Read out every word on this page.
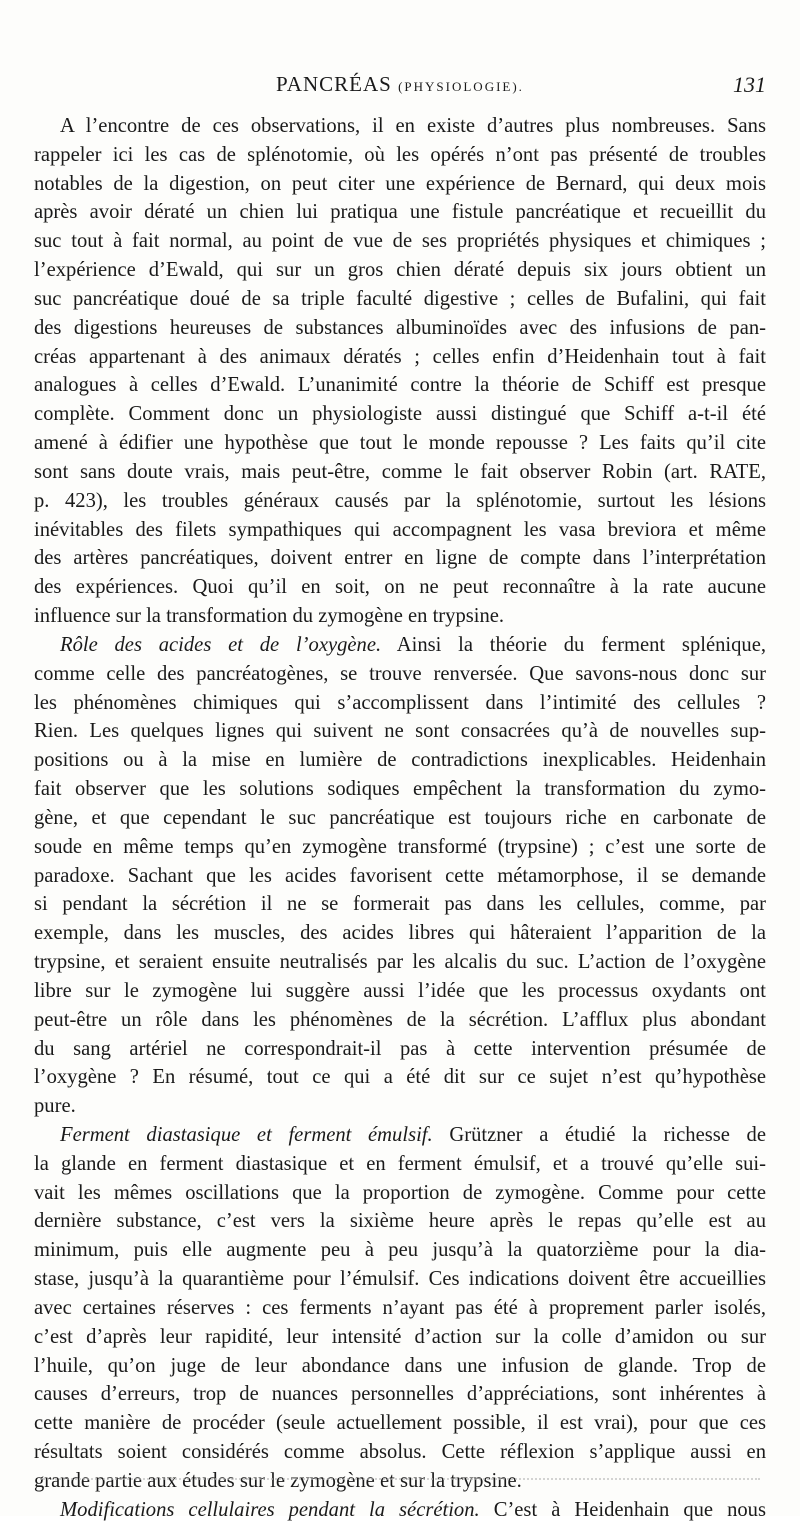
PANCRÉAS (PHYSIOLOGIE).	131
A l’encontre de ces observations, il en existe d’autres plus nombreuses. Sans
rappeler ici les cas de splénotomie, où les opérés n’ont pas présenté de troubles
notables de la digestion, on peut citer une expérience de Bernard, qui deux mois
après avoir dératé un chien lui pratiqua une fistule pancréatique et recueillit du
suc tout à fait normal, au point de vue de ses propriétés physiques et chimiques ;
l’expérience d’Ewald, qui sur un gros chien dératé depuis six jours obtient un
suc pancréatique doué de sa triple faculté digestive ; celles de Bufalini, qui fait
des digestions heureuses de substances albuminoïdes avec des infusions de pan-
créas appartenant à des animaux dératés ; celles enfin d’Heidenhain tout à fait
analogues à celles d’Ewald. L’unanimité contre la théorie de Schiff est presque
complète. Comment donc un physiologiste aussi distingué que Schiff a-t-il été
amené à édifier une hypothèse que tout le monde repousse ? Les faits qu’il cite
sont sans doute vrais, mais peut-être, comme le fait observer Robin (art. RATE,
p. 423), les troubles généraux causés par la splénotomie, surtout les lésions
inévitables des filets sympathiques qui accompagnent les vasa breviora et même
des artères pancréatiques, doivent entrer en ligne de compte dans l’interprétation
des expériences. Quoi qu’il en soit, on ne peut reconnaître à la rate aucune
influence sur la transformation du zymogène en trypsine.
Rôle des acides et de l’oxygène. Ainsi la théorie du ferment splénique,
comme celle des pancréatogènes, se trouve renversée. Que savons-nous donc sur
les phénomènes chimiques qui s’accomplissent dans l’intimité des cellules ?
Rien. Les quelques lignes qui suivent ne sont consacrées qu’à de nouvelles sup-
positions ou à la mise en lumière de contradictions inexplicables. Heidenhain
fait observer que les solutions sodiques empêchent la transformation du zymo-
gène, et que cependant le suc pancréatique est toujours riche en carbonate de
soude en même temps qu’en zymogène transformé (trypsine) ; c’est une sorte de
paradoxe. Sachant que les acides favorisent cette métamorphose, il se demande
si pendant la sécrétion il ne se formerait pas dans les cellules, comme, par
exemple, dans les muscles, des acides libres qui hâteraient l’apparition de la
trypsine, et seraient ensuite neutralisés par les alcalis du suc. L’action de l’oxygène
libre sur le zymogène lui suggère aussi l’idée que les processus oxydants ont
peut-être un rôle dans les phénomènes de la sécrétion. L’afflux plus abondant
du sang artériel ne correspondrait-il pas à cette intervention présumée de
l’oxygène ? En résumé, tout ce qui a été dit sur ce sujet n’est qu’hypothèse
pure.
Ferment diastasique et ferment émulsif. Grützner a étudié la richesse de
la glande en ferment diastasique et en ferment émulsif, et a trouvé qu’elle sui-
vait les mêmes oscillations que la proportion de zymogène. Comme pour cette
dernière substance, c’est vers la sixième heure après le repas qu’elle est au
minimum, puis elle augmente peu à peu jusqu’à la quatorzième pour la dia-
stase, jusqu’à la quarantième pour l’émulsif. Ces indications doivent être accueillies
avec certaines réserves : ces ferments n’ayant pas été à proprement parler isolés,
c’est d’après leur rapidité, leur intensité d’action sur la colle d’amidon ou sur
l’huile, qu’on juge de leur abondance dans une infusion de glande. Trop de
causes d’erreurs, trop de nuances personnelles d’appréciations, sont inhérentes à
cette manière de procéder (seule actuellement possible, il est vrai), pour que ces
résultats soient considérés comme absolus. Cette réflexion s’applique aussi en
grande partie aux études sur le zymogène et sur la trypsine.
Modifications cellulaires pendant la sécrétion. C’est à Heidenhain que nous
